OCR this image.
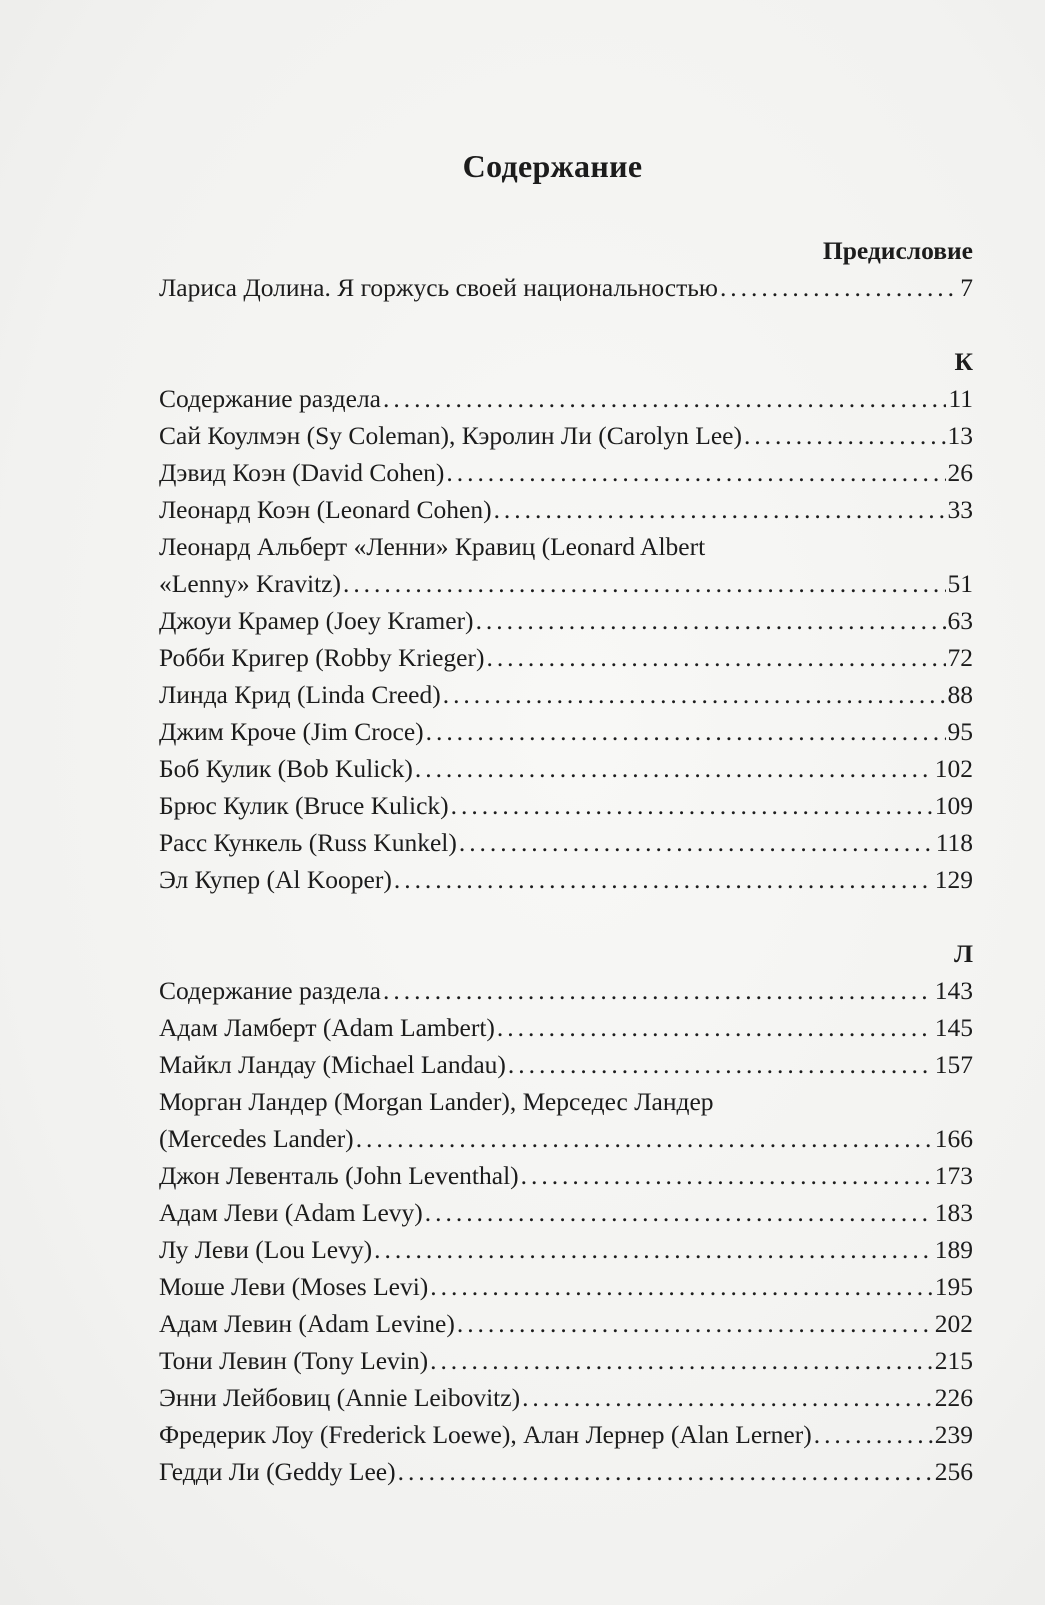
Содержание
Предисловие
Лариса Долина. Я горжусь своей национальностью . . .	7
К
Содержание раздела . . .	11
Сай Коулмэн (Sy Coleman), Кэролин Ли (Carolyn Lee) . . .	13
Дэвид Коэн (David Cohen) . . .	26
Леонард Коэн (Leonard Cohen) . . .	33
Леонард Альберт «Ленни» Кравиц (Leonard Albert
«Lenny» Kravitz) . . .	51
Джоуи Крамер (Joey Kramer) . . .	63
Робби Кригер (Robby Krieger) . . .	72
Линда Крид (Linda Creed) . . .	88
Джим Кроче (Jim Croce) . . .	95
Боб Кулик (Bob Kulick) . . .	102
Брюс Кулик (Bruce Kulick) . . .	109
Расс Кункель (Russ Kunkel) . . .	118
Эл Купер (Al Kooper) . . .	129
Л
Содержание раздела . . .	143
Адам Ламберт (Adam Lambert) . . .	145
Майкл Ландау (Michael Landau) . . .	157
Морган Ландер (Morgan Lander), Мерседес Ландер
(Mercedes Lander) . . .	166
Джон Левенталь (John Leventhal) . . .	173
Адам Леви (Adam Levy) . . .	183
Лу Леви (Lou Levy) . . .	189
Моше Леви (Moses Levi) . . .	195
Адам Левин (Adam Levine) . . .	202
Тони Левин (Tony Levin) . . .	215
Энни Лейбовиц (Annie Leibovitz) . . .	226
Фредерик Лоу (Frederick Loewe), Алан Лернер (Alan Lerner) . . .	239
Гедди Ли (Geddy Lee) . . .	256
